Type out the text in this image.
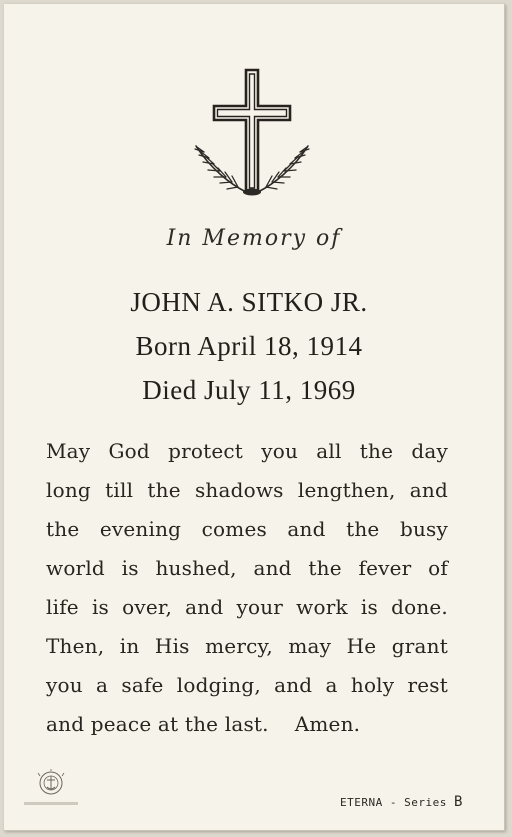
In Memory of
JOHN A. SITKO JR.
Born April 18, 1914
Died July 11, 1969
May God protect you all the day
long till the shadows lengthen, and
the evening comes and the busy
world is hushed, and the fever of
life is over, and your work is done.
Then, in His mercy, may He grant
you a safe lodging, and a holy rest
and peace at the last. Amen.
ETERNA - Series B
